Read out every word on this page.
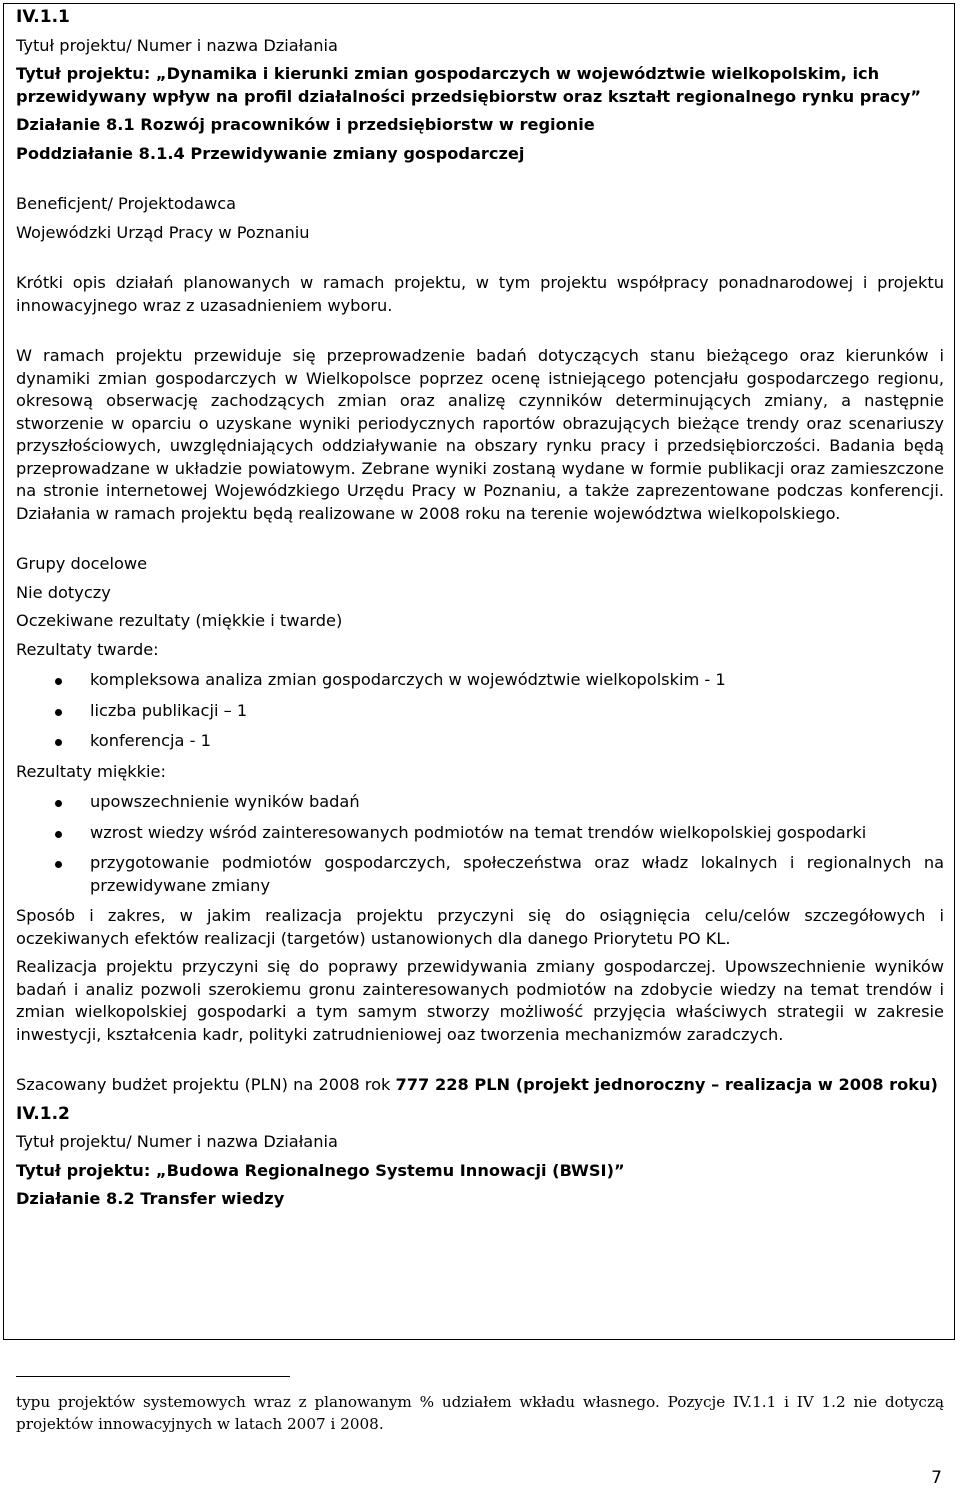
IV.1.1

Tytuł projektu/ Numer i nazwa Działania

Tytuł projektu: „Dynamika i kierunki zmian gospodarczych w województwie wielkopolskim, ich przewidywany wpływ na profil działalności przedsiębiorstw oraz kształt regionalnego rynku pracy”

Działanie 8.1 Rozwój pracowników i przedsiębiorstw w regionie

Poddziałanie 8.1.4 Przewidywanie zmiany gospodarczej

Beneficjent/ Projektodawca

Wojewódzki Urząd Pracy w Poznaniu

Krótki opis działań planowanych w ramach projektu, w tym projektu współpracy ponadnarodowej i projektu innowacyjnego wraz z uzasadnieniem wyboru.

W ramach projektu przewiduje się przeprowadzenie badań dotyczących stanu bieżącego oraz kierunków i dynamiki zmian gospodarczych w Wielkopolsce poprzez ocenę istniejącego potencjału gospodarczego regionu, okresową obserwację zachodzących zmian oraz analizę czynników determinujących zmiany, a następnie stworzenie w oparciu o uzyskane wyniki periodycznych raportów obrazujących bieżące trendy oraz scenariuszy przyszłościowych, uwzględniających oddziaływanie na obszary rynku pracy i przedsiębiorczości. Badania będą przeprowadzane w układzie powiatowym. Zebrane wyniki zostaną wydane w formie publikacji oraz zamieszczone na stronie internetowej Wojewódzkiego Urzędu Pracy w Poznaniu, a także zaprezentowane podczas konferencji. Działania w ramach projektu będą realizowane w 2008 roku na terenie województwa wielkopolskiego.

Grupy docelowe

Nie dotyczy

Oczekiwane rezultaty (miękkie i twarde)

Rezultaty twarde:

kompleksowa analiza zmian gospodarczych w województwie wielkopolskim - 1
liczba publikacji – 1
konferencja - 1

Rezultaty miękkie:

upowszechnienie wyników badań
wzrost wiedzy wśród zainteresowanych podmiotów na temat trendów wielkopolskiej gospodarki
przygotowanie podmiotów gospodarczych, społeczeństwa oraz władz lokalnych i regionalnych na przewidywane zmiany

Sposób i zakres, w jakim realizacja projektu przyczyni się do osiągnięcia celu/celów szczegółowych i oczekiwanych efektów realizacji (targetów) ustanowionych dla danego Priorytetu PO KL.

Realizacja projektu przyczyni się do poprawy przewidywania zmiany gospodarczej. Upowszechnienie wyników badań i analiz pozwoli szerokiemu gronu zainteresowanych podmiotów na zdobycie wiedzy na temat trendów i zmian wielkopolskiej gospodarki a tym samym stworzy możliwość przyjęcia właściwych strategii w zakresie inwestycji, kształcenia kadr, polityki zatrudnieniowej oaz tworzenia mechanizmów zaradczych.

Szacowany budżet projektu (PLN) na 2008 rok 777 228 PLN (projekt jednoroczny – realizacja w 2008 roku)

IV.1.2

Tytuł projektu/ Numer i nazwa Działania

Tytuł projektu: „Budowa Regionalnego Systemu Innowacji (BWSI)”

Działanie 8.2 Transfer wiedzy

typu projektów systemowych wraz z planowanym % udziałem wkładu własnego. Pozycje IV.1.1 i IV 1.2 nie dotyczą projektów innowacyjnych w latach 2007 i 2008.

7
